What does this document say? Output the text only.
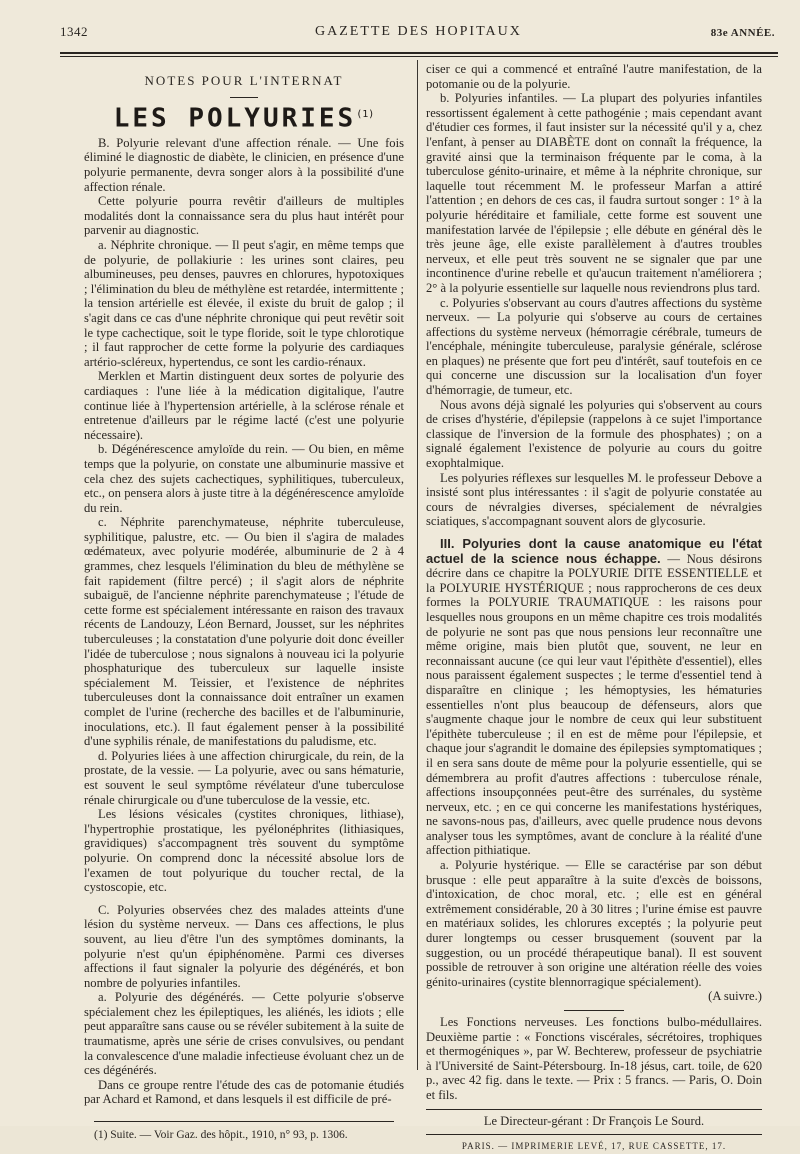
1342	GAZETTE DES HOPITAUX	83e ANNÉE.
NOTES POUR L'INTERNAT
LES POLYURIES$^{(1)}$

B. Polyurie relevant d'une affection rénale. — Une fois éliminé le diagnostic de diabète, le clinicien, en présence d'une polyurie permanente, devra songer alors à la possibilité d'une affection rénale.

Cette polyurie pourra revêtir d'ailleurs de multiples modalités dont la connaissance sera du plus haut intérêt pour parvenir au diagnostic.

a. Néphrite chronique. — Il peut s'agir, en même temps que de polyurie, de pollakiurie : les urines sont claires, peu albumineuses, peu denses, pauvres en chlorures, hypotoxiques ; l'élimination du bleu de méthylène est retardée, intermittente ; la tension artérielle est élevée, il existe du bruit de galop ; il s'agit dans ce cas d'une néphrite chronique qui peut revêtir soit le type cachectique, soit le type floride, soit le type chlorotique ; il faut rapprocher de cette forme la polyurie des cardiaques artério-scléreux, hypertendus, ce sont les cardio-rénaux.

Merklen et Martin distinguent deux sortes de polyurie des cardiaques : l'une liée à la médication digitalique, l'autre continue liée à l'hypertension artérielle, à la sclérose rénale et entretenue d'ailleurs par le régime lacté (c'est une polyurie nécessaire).

b. Dégénérescence amyloïde du rein. — Ou bien, en même temps que la polyurie, on constate une albuminurie massive et cela chez des sujets cachectiques, syphilitiques, tuberculeux, etc., on pensera alors à juste titre à la dégénérescence amyloïde du rein.

c. Néphrite parenchymateuse, néphrite tuberculeuse, syphilitique, palustre, etc. — Ou bien il s'agira de malades œdémateux, avec polyurie modérée, albuminurie de 2 à 4 grammes, chez lesquels l'élimination du bleu de méthylène se fait rapidement (filtre percé) ; il s'agit alors de néphrite subaiguë, de l'ancienne néphrite parenchymateuse ; l'étude de cette forme est spécialement intéressante en raison des travaux récents de Landouzy, Léon Bernard, Jousset, sur les néphrites tuberculeuses ; la constatation d'une polyurie doit donc éveiller l'idée de tuberculose ; nous signalons à nouveau ici la polyurie phosphaturique des tuberculeux sur laquelle insiste spécialement M. Teissier, et l'existence de néphrites tuberculeuses dont la connaissance doit entraîner un examen complet de l'urine (recherche des bacilles et de l'albuminurie, inoculations, etc.). Il faut également penser à la possibilité d'une syphilis rénale, de manifestations du paludisme, etc.

d. Polyuries liées à une affection chirurgicale, du rein, de la prostate, de la vessie. — La polyurie, avec ou sans hématurie, est souvent le seul symptôme révélateur d'une tuberculose rénale chirurgicale ou d'une tuberculose de la vessie, etc.

Les lésions vésicales (cystites chroniques, lithiase), l'hypertrophie prostatique, les pyélonéphrites (lithiasiques, gravidiques) s'accompagnent très souvent du symptôme polyurie. On comprend donc la nécessité absolue lors de l'examen de tout polyurique du toucher rectal, de la cystoscopie, etc.

C. Polyuries observées chez des malades atteints d'une lésion du système nerveux. — Dans ces affections, le plus souvent, au lieu d'être l'un des symptômes dominants, la polyurie n'est qu'un épiphénomène. Parmi ces diverses affections il faut signaler la polyurie des dégénérés, et bon nombre de polyuries infantiles.

a. Polyurie des dégénérés. — Cette polyurie s'observe spécialement chez les épileptiques, les aliénés, les idiots ; elle peut apparaître sans cause ou se révéler subitement à la suite de traumatisme, après une série de crises convulsives, ou pendant la convalescence d'une maladie infectieuse évoluant chez un de ces dégénérés.

Dans ce groupe rentre l'étude des cas de potomanie étudiés par Achard et Ramond, et dans lesquels il est difficile de pré-

(1) Suite. — Voir Gaz. des hôpit., 1910, n° 93, p. 1306.

ciser ce qui a commencé et entraîné l'autre manifestation, de la potomanie ou de la polyurie.

b. Polyuries infantiles. — La plupart des polyuries infantiles ressortissent également à cette pathogénie ; mais cependant avant d'étudier ces formes, il faut insister sur la nécessité qu'il y a, chez l'enfant, à penser au DIABÈTE dont on connaît la fréquence, la gravité ainsi que la terminaison fréquente par le coma, à la tuberculose génito-urinaire, et même à la néphrite chronique, sur laquelle tout récemment M. le professeur Marfan a attiré l'attention ; en dehors de ces cas, il faudra surtout songer : 1° à la polyurie héréditaire et familiale, cette forme est souvent une manifestation larvée de l'épilepsie ; elle débute en général dès le très jeune âge, elle existe parallèlement à d'autres troubles nerveux, et elle peut très souvent ne se signaler que par une incontinence d'urine rebelle et qu'aucun traitement n'améliorera ; 2° à la polyurie essentielle sur laquelle nous reviendrons plus tard.

c. Polyuries s'observant au cours d'autres affections du système nerveux. — La polyurie qui s'observe au cours de certaines affections du système nerveux (hémorragie cérébrale, tumeurs de l'encéphale, méningite tuberculeuse, paralysie générale, sclérose en plaques) ne présente que fort peu d'intérêt, sauf toutefois en ce qui concerne une discussion sur la localisation d'un foyer d'hémorragie, de tumeur, etc.

Nous avons déjà signalé les polyuries qui s'observent au cours de crises d'hystérie, d'épilepsie (rappelons à ce sujet l'importance classique de l'inversion de la formule des phosphates) ; on a signalé également l'existence de polyurie au cours du goitre exophtalmique.

Les polyuries réflexes sur lesquelles M. le professeur Debove a insisté sont plus intéressantes : il s'agit de polyurie constatée au cours de névralgies diverses, spécialement de névralgies sciatiques, s'accompagnant souvent alors de glycosurie.

III. Polyuries dont la cause anatomique eu l'état actuel de la science nous échappe. — Nous désirons décrire dans ce chapitre la POLYURIE DITE ESSENTIELLE et la POLYURIE HYSTÉRIQUE ; nous rapprocherons de ces deux formes la POLYURIE TRAUMATIQUE : les raisons pour lesquelles nous groupons en un même chapitre ces trois modalités de polyurie ne sont pas que nous pensions leur reconnaître une même origine, mais bien plutôt que, souvent, ne leur en reconnaissant aucune (ce qui leur vaut l'épithète d'essentiel), elles nous paraissent également suspectes ; le terme d'essentiel tend à disparaître en clinique ; les hémoptysies, les hématuries essentielles n'ont plus beaucoup de défenseurs, alors que s'augmente chaque jour le nombre de ceux qui leur substituent l'épithète tuberculeuse ; il en est de même pour l'épilepsie, et chaque jour s'agrandit le domaine des épilepsies symptomatiques ; il en sera sans doute de même pour la polyurie essentielle, qui se démembrera au profit d'autres affections : tuberculose rénale, affections insoupçonnées peut-être des surrénales, du système nerveux, etc. ; en ce qui concerne les manifestations hystériques, ne savons-nous pas, d'ailleurs, avec quelle prudence nous devons analyser tous les symptômes, avant de conclure à la réalité d'une affection pithiatique.

a. Polyurie hystérique. — Elle se caractérise par son début brusque : elle peut apparaître à la suite d'excès de boissons, d'intoxication, de choc moral, etc. ; elle est en général extrêmement considérable, 20 à 30 litres ; l'urine émise est pauvre en matériaux solides, les chlorures exceptés ; la polyurie peut durer longtemps ou cesser brusquement (souvent par la suggestion, ou un procédé thérapeutique banal). Il est souvent possible de retrouver à son origine une altération réelle des voies génito-urinaires (cystite blennorragique spécialement).

(A suivre.)

Les Fonctions nerveuses. Les fonctions bulbo-médullaires. Deuxième partie : « Fonctions viscérales, sécrétoires, trophiques et thermogéniques », par W. Bechterew, professeur de psychiatrie à l'Université de Saint-Pétersbourg. In-18 jésus, cart. toile, de 620 p., avec 42 fig. dans le texte. — Prix : 5 francs. — Paris, O. Doin et fils.

Le Directeur-gérant : Dr François Le Sourd.
PARIS. — IMPRIMERIE LEVÉ, 17, RUE CASSETTE, 17.
